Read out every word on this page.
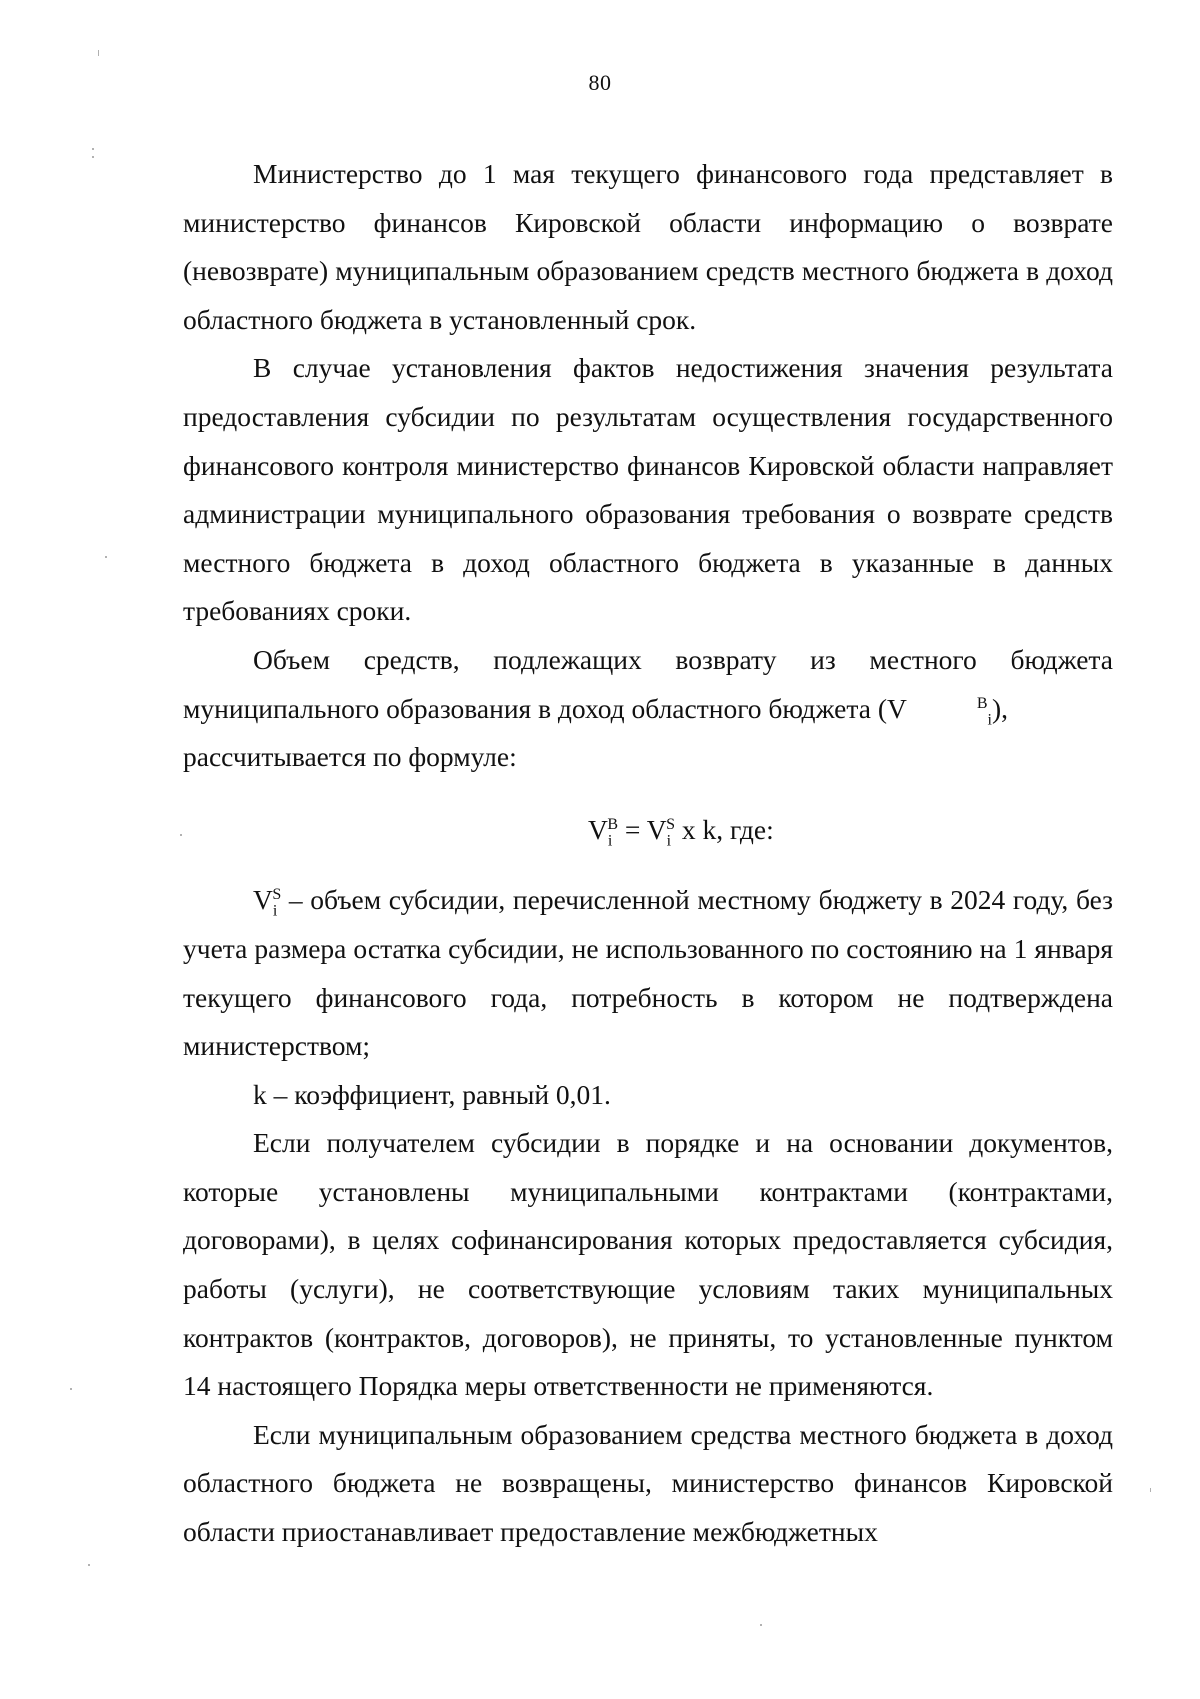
80

Министерство до 1 мая текущего финансового года представляет в министерство финансов Кировской области информацию о возврате (невозврате) муниципальным образованием средств местного бюджета в доход областного бюджета в установленный срок.

В случае установления фактов недостижения значения результата предоставления субсидии по результатам осуществления государственного финансового контроля министерство финансов Кировской области направляет администрации муниципального образования требования о возврате средств местного бюджета в доход областного бюджета в указанные в данных требованиях сроки.

Объем средств, подлежащих возврату из местного бюджета муниципального образования в доход областного бюджета (V	$^B_i$),
рассчитывается по формуле:

$V_i^B = V_i^S$ x k, где:

$V_i^S$ – объем субсидии, перечисленной местному бюджету в 2024 году, без учета размера остатка субсидии, не использованного по состоянию на 1 января текущего финансового года, потребность в котором не подтверждена министерством;

k – коэффициент, равный 0,01.

Если получателем субсидии в порядке и на основании документов, которые установлены муниципальными контрактами (контрактами, договорами), в целях софинансирования которых предоставляется субсидия, работы (услуги), не соответствующие условиям таких муниципальных контрактов (контрактов, договоров), не приняты, то установленные пунктом 14 настоящего Порядка меры ответственности не применяются.

Если муниципальным образованием средства местного бюджета в доход областного бюджета не возвращены, министерство финансов Кировской области приостанавливает предоставление межбюджетных
